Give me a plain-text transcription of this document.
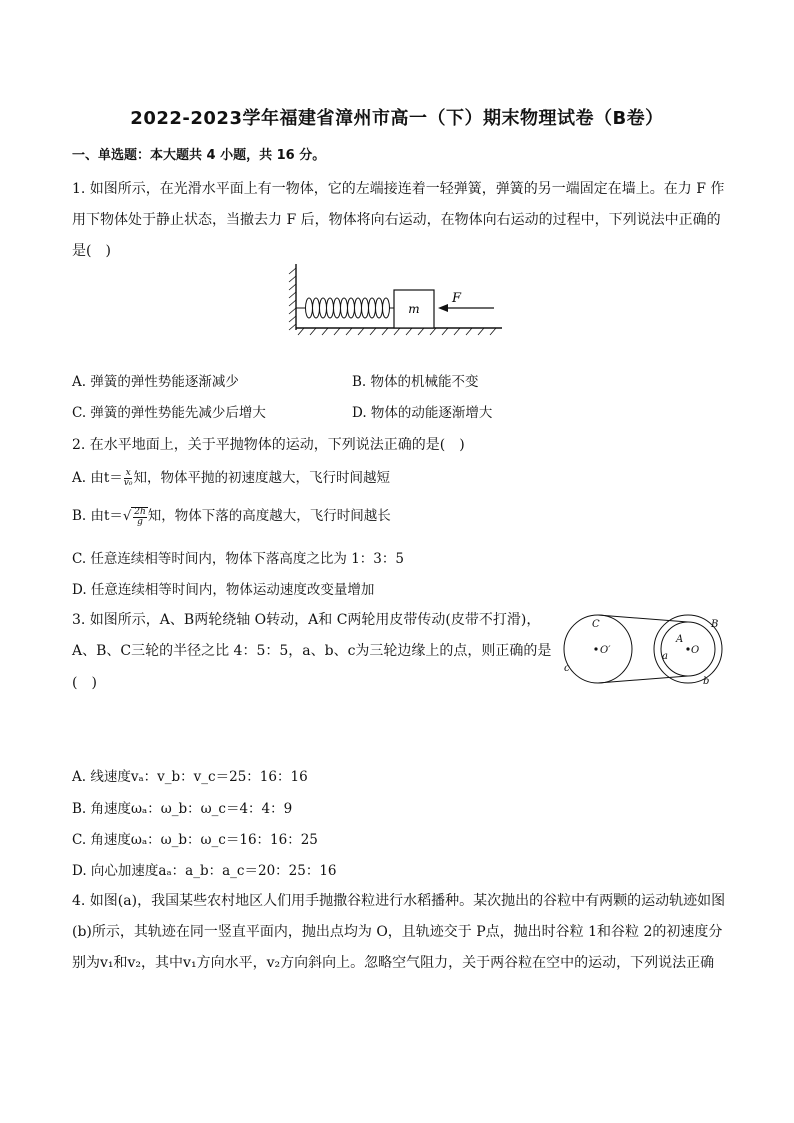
2022-2023学年福建省漳州市高一（下）期末物理试卷（B卷）
一、单选题：本大题共 4 小题，共 16 分。
1. 如图所示，在光滑水平面上有一物体，它的左端接连着一轻弹簧，弹簧的另一端固定在墙上。在力 F 作
用下物体处于静止状态，当撤去力 F 后，物体将向右运动，在物体向右运动的过程中，下列说法中正确的
是(　)
m
F
A. 弹簧的弹性势能逐渐减少	B. 物体的机械能不变
C. 弹簧的弹性势能先减少后增大	D. 物体的动能逐渐增大
2. 在水平地面上，关于平抛物体的运动，下列说法正确的是(　)
A. 由$t= \frac{x}{\text{v₀}}$ 知，物体平抛的初速度越大，飞行时间越短
B. 由$t=√ \frac{2h}{g}$ 知，物体下落的高度越大，飞行时间越长
C. 任意连续相等时间内，物体下落高度之比为 1：3：5
D. 任意连续相等时间内，物体运动速度改变量增加
3. 如图所示，A、B两轮绕轴 O转动，A和 C两轮用皮带传动(皮带不打滑)，
A、B、C三轮的半径之比 4：5：5，a、b、c为三轮边缘上的点，则正确的是
(　)
C
O′
c
A
O
a
B
b
A. 线速度vₐ：v_b：v_c＝25：16：16
B. 角速度ωₐ：ω_b：ω_c＝4：4：9
C. 角速度ωₐ：ω_b：ω_c＝16：16：25
D. 向心加速度aₐ：a_b：a_c＝20：25：16
4. 如图(a)，我国某些农村地区人们用手抛撒谷粒进行水稻播种。某次抛出的谷粒中有两颗的运动轨迹如图
(b)所示，其轨迹在同一竖直平面内，抛出点均为 O，且轨迹交于 P点，抛出时谷粒 1和谷粒 2的初速度分
别为v₁和v₂，其中v₁方向水平，v₂方向斜向上。忽略空气阻力，关于两谷粒在空中的运动，下列说法正确
